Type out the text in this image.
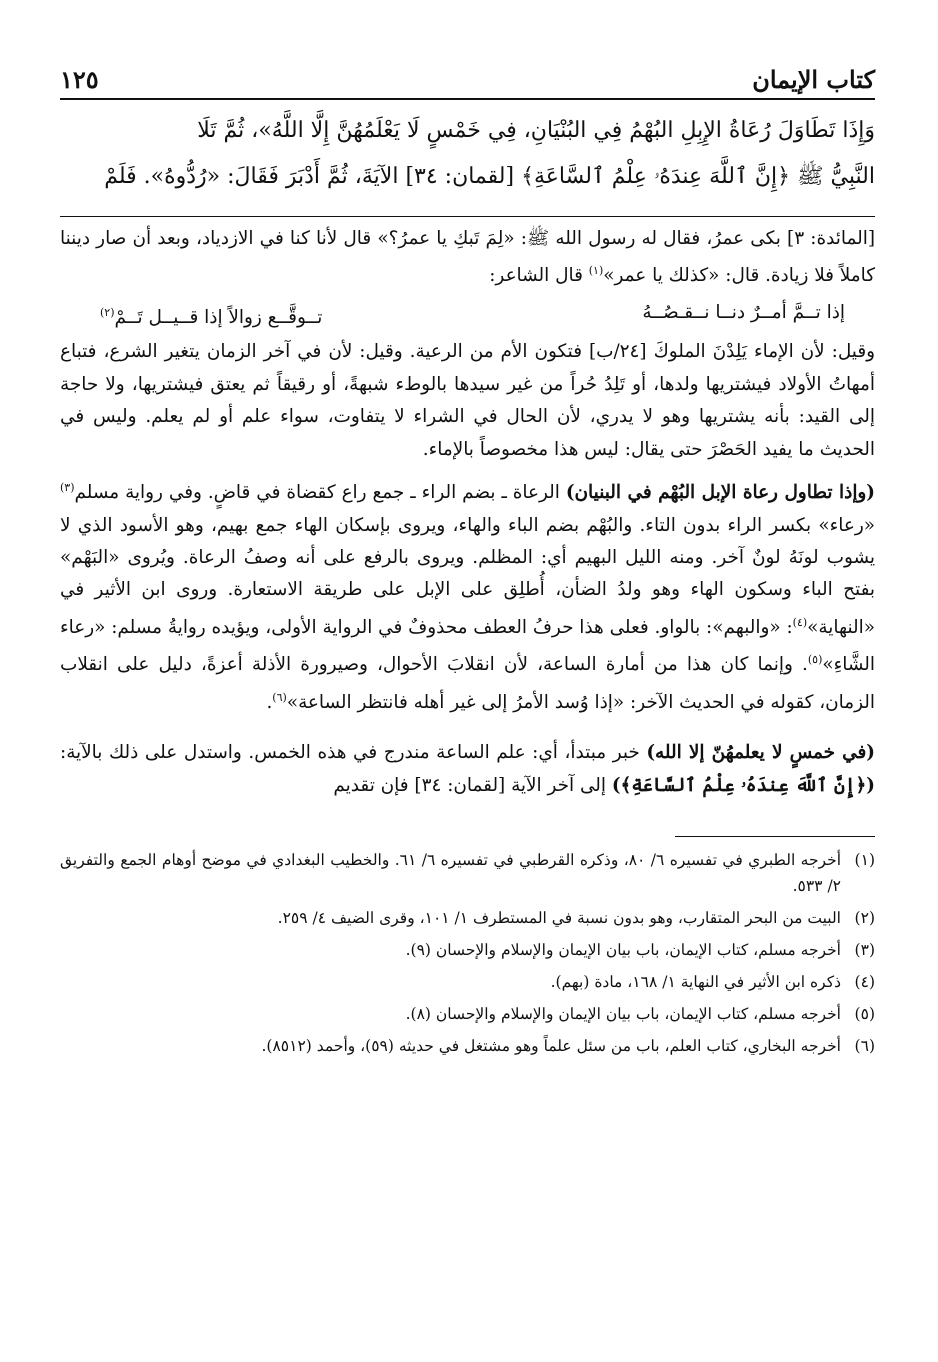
كتاب الإيمان
١٢٥

وَإِذَا تَطَاوَلَ رُعَاةُ الإِبِلِ البُهْمُ فِي البُنْيَانِ، فِي خَمْسٍ لَا يَعْلَمُهُنَّ إِلَّا اللَّهُ»، ثُمَّ تَلَا

النَّبِيُّ ﷺ ﴿إِنَّ ٱللَّهَ عِندَهُۥ عِلْمُ ٱلسَّاعَةِ﴾ [لقمان: ٣٤] الآيَةَ، ثُمَّ أَدْبَرَ فَقَالَ: «رُدُّوهُ». فَلَمْ

[المائدة: ٣] بكى عمرُ، فقال له رسول الله ﷺ: «لِمَ تَبكِ يا عمرُ؟» قال لأنا كنا في الازدياد، وبعد أن صار ديننا كاملاً فلا زيادة. قال: «كذلك يا عمر»$^{(١)}$ قال الشاعر:

إذا تــمَّ أمــرٌ دنــا نــقـصُــهُ
تــوقَّــع زوالاً إذا قــيــل تَــمْ$^{(٢)}$

وقيل: لأن الإماء يَلِدْنَ الملوكَ [٢٤/ب] فتكون الأم من الرعية. وقيل: لأن في آخر الزمان يتغير الشرع، فتباع أمهاتُ الأولاد فيشتريها ولدها، أو تَلِدُ حُراً من غير سيدها بالوطء شبهةً، أو رقيقاً ثم يعتق فيشتريها، ولا حاجة إلى القيد: بأنه يشتريها وهو لا يدري، لأن الحال في الشراء لا يتفاوت، سواء علم أو لم يعلم. وليس في الحديث ما يفيد الحَصْرَ حتى يقال: ليس هذا مخصوصاً بالإماء.

(وإذا تطاول رعاة الإبل البُهْم في البنيان) الرعاة ـ بضم الراء ـ جمع راع كقضاة في قاضٍ. وفي رواية مسلم$^{(٣)}$ «رعاء» بكسر الراء بدون التاء. والبُهْم بضم الباء والهاء، ويروى بإسكان الهاء جمع بهيم، وهو الأسود الذي لا يشوب لونَهُ لونٌ آخر. ومنه الليل البهيم أي: المظلم. ويروى بالرفع على أنه وصفُ الرعاة. ويُروى «البَهْم» بفتح الباء وسكون الهاء وهو ولدُ الضأن، أُطلِق على الإبل على طريقة الاستعارة. وروى ابن الأثير في «النهاية»$^{(٤)}$: «والبهم»: بالواو. فعلى هذا حرفُ العطف محذوفٌ في الرواية الأولى، ويؤيده روايةُ مسلم: «رعاء الشَّاءِ»$^{(٥)}$. وإنما كان هذا من أمارة الساعة، لأن انقلابَ الأحوال، وصيرورة الأذلة أعزةً، دليل على انقلاب الزمان، كقوله في الحديث الآخر: «إذا وُسد الأمرُ إلى غير أهله فانتظر الساعة»$^{(٦)}$.

(في خمسٍ لا يعلمهُنّ إلا الله) خبر مبتدأ، أي: علم الساعة مندرج في هذه الخمس. واستدل على ذلك بالآية: (﴿إِنَّ ٱللَّهَ عِندَهُۥ عِلْمُ ٱلسَّاعَةِ﴾) إلى آخر الآية [لقمان: ٣٤] فإن تقديم

(١)
أخرجه الطبري في تفسيره ٦/ ٨٠، وذكره القرطبي في تفسيره ٦/ ٦١. والخطيب البغدادي في موضح أوهام الجمع والتفريق ٢/ ٥٣٣.
(٢)
البيت من البحر المتقارب، وهو بدون نسبة في المستطرف ١/ ١٠١، وقرى الضيف ٤/ ٢٥٩.
(٣)
أخرجه مسلم، كتاب الإيمان، باب بيان الإيمان والإسلام والإحسان (٩).
(٤)
ذكره ابن الأثير في النهاية ١/ ١٦٨، مادة (بهم).
(٥)
أخرجه مسلم، كتاب الإيمان، باب بيان الإيمان والإسلام والإحسان (٨).
(٦)
أخرجه البخاري، كتاب العلم، باب من سئل علماً وهو مشتغل في حديثه (٥٩)، وأحمد (٨٥١٢).
